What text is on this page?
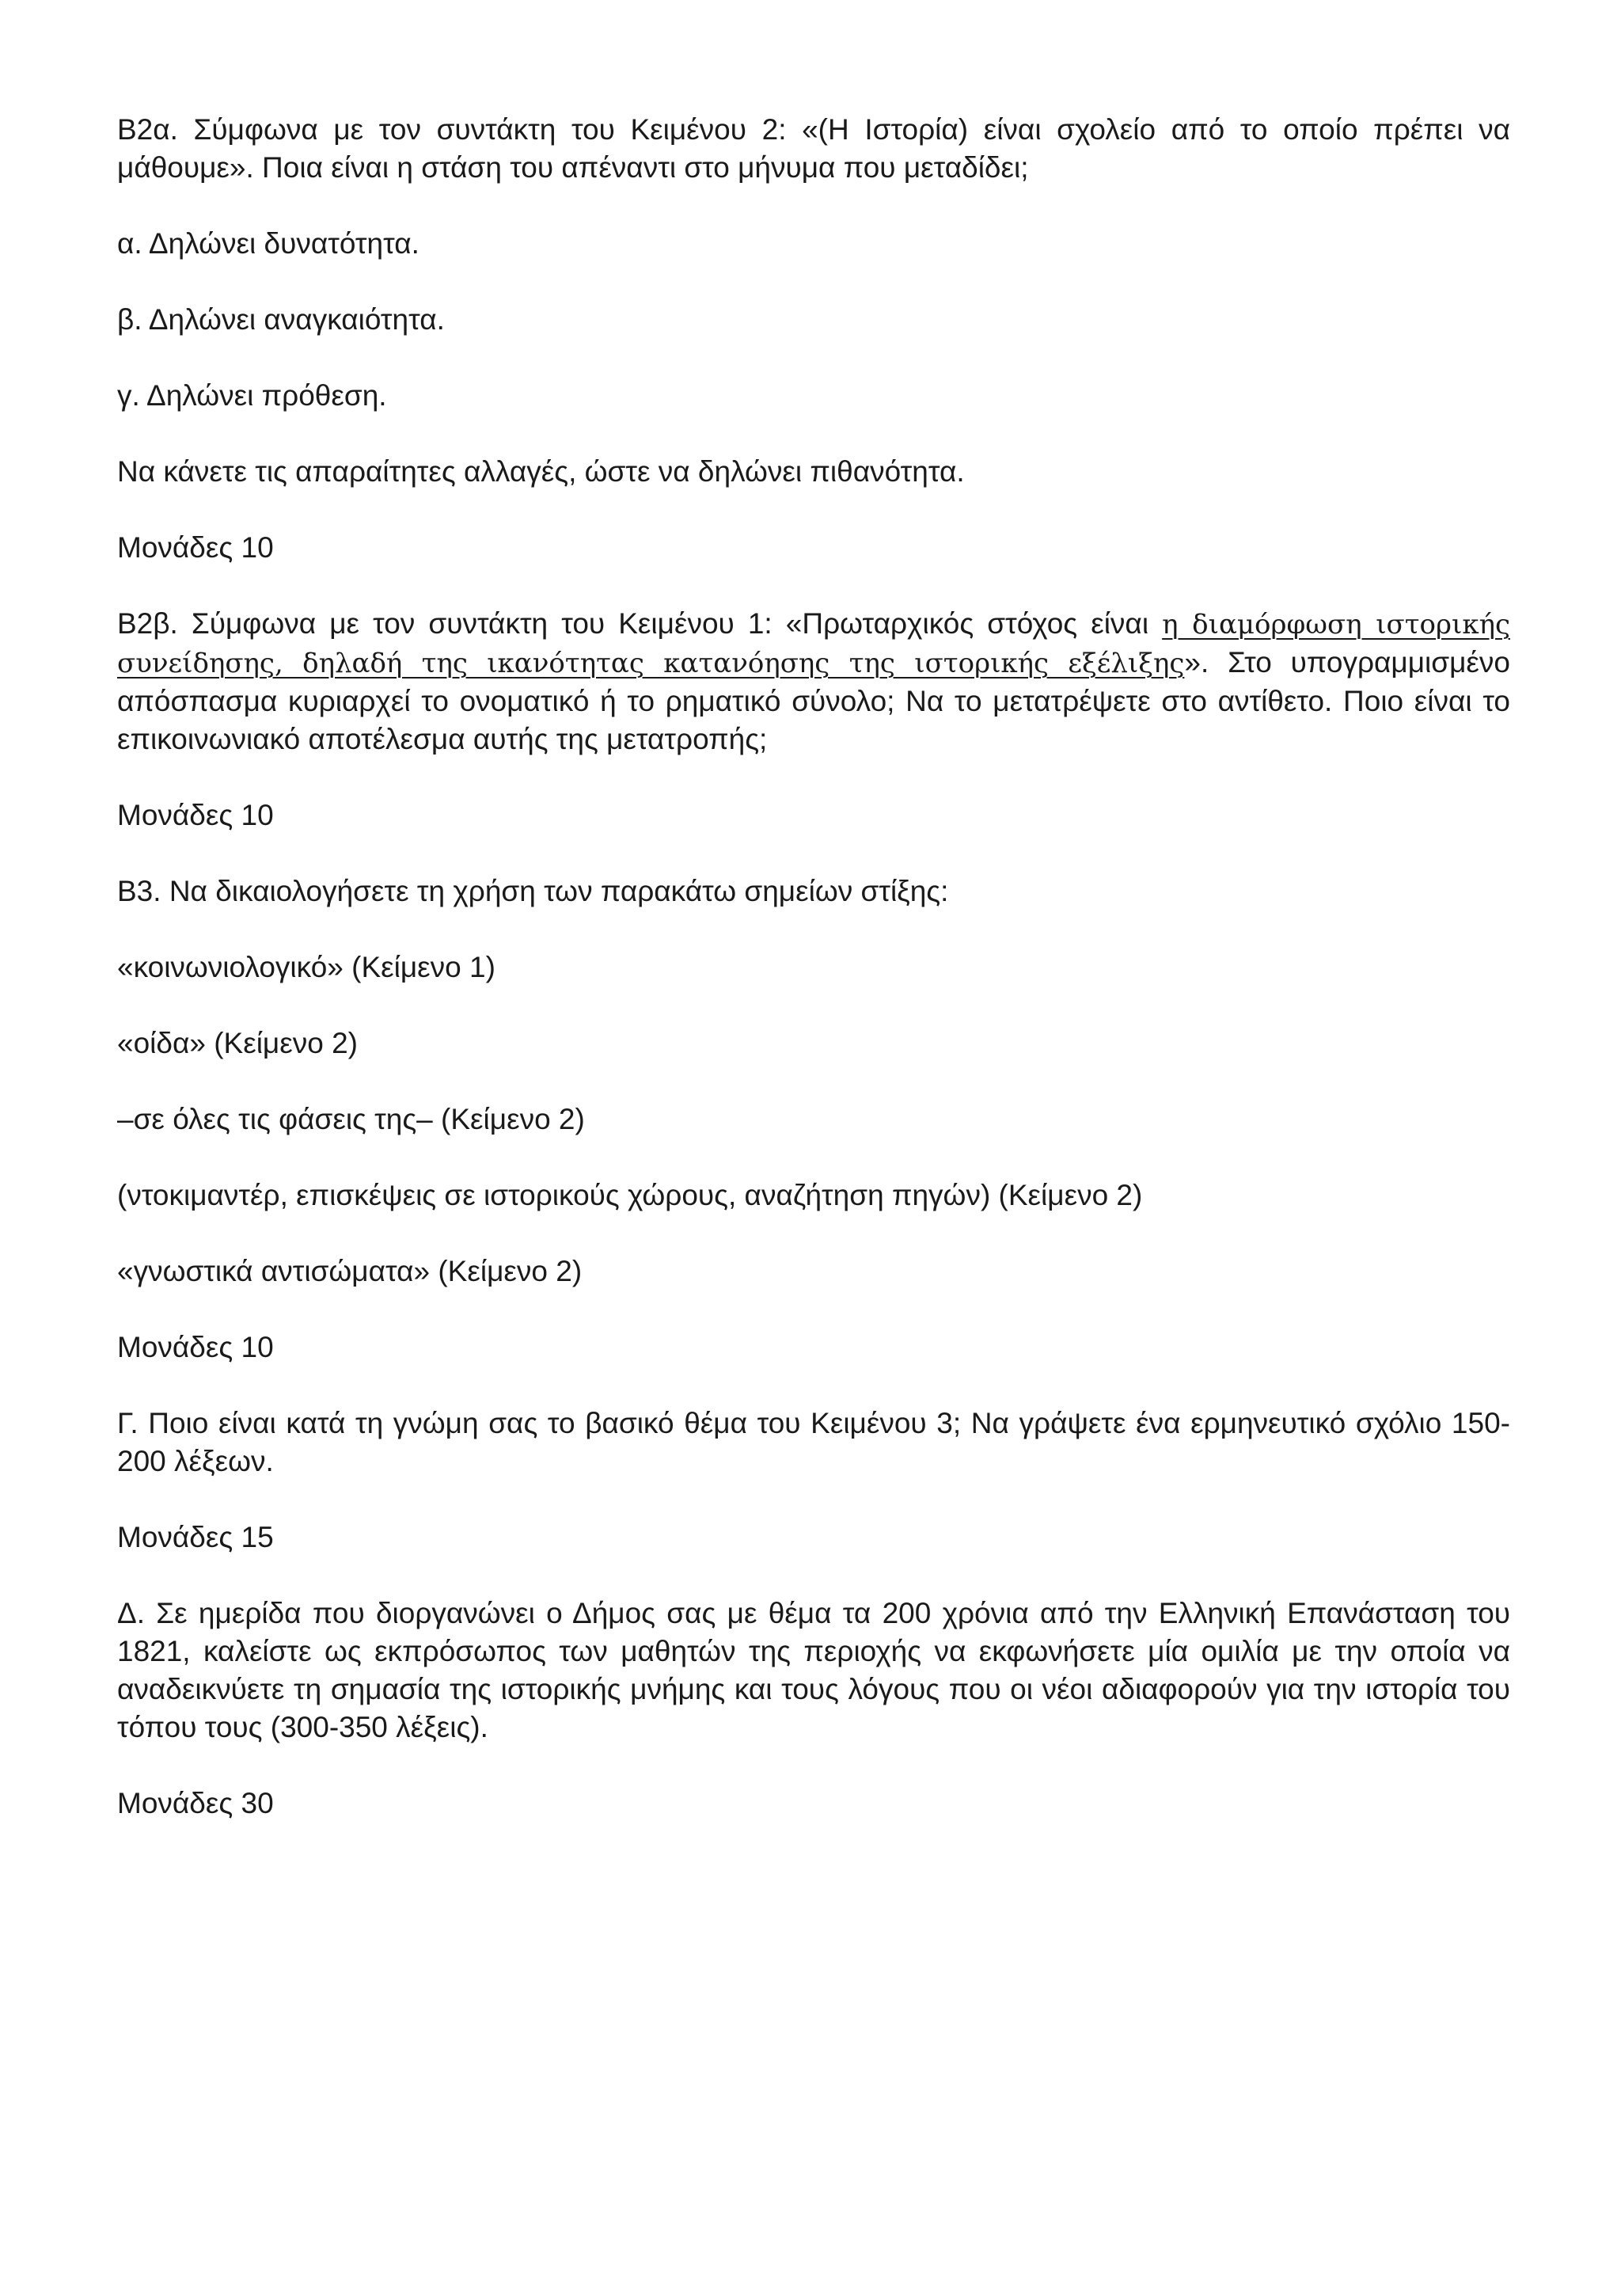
Β2α. Σύμφωνα με τον συντάκτη του Κειμένου 2: «(Η Ιστορία) είναι σχολείο από το οποίο πρέπει να μάθουμε». Ποια είναι η στάση του απέναντι στο μήνυμα που μεταδίδει;

α. Δηλώνει δυνατότητα.

β. Δηλώνει αναγκαιότητα.

γ. Δηλώνει πρόθεση.

Να κάνετε τις απαραίτητες αλλαγές, ώστε να δηλώνει πιθανότητα.

Μονάδες 10

Β2β. Σύμφωνα με τον συντάκτη του Κειμένου 1: «Πρωταρχικός στόχος είναι η διαμόρφωση ιστορικής συνείδησης, δηλαδή της ικανότητας κατανόησης της ιστορικής εξέλιξης». Στο υπογραμμισμένο απόσπασμα κυριαρχεί το ονοματικό ή το ρηματικό σύνολο; Να το μετατρέψετε στο αντίθετο. Ποιο είναι το επικοινωνιακό αποτέλεσμα αυτής της μετατροπής;

Μονάδες 10

Β3. Να δικαιολογήσετε τη χρήση των παρακάτω σημείων στίξης:

«κοινωνιολογικό» (Κείμενο 1)

«οίδα» (Κείμενο 2)

–σε όλες τις φάσεις της– (Κείμενο 2)

(ντοκιμαντέρ, επισκέψεις σε ιστορικούς χώρους, αναζήτηση πηγών) (Κείμενο 2)

«γνωστικά αντισώματα» (Κείμενο 2)

Μονάδες 10

Γ. Ποιο είναι κατά τη γνώμη σας το βασικό θέμα του Κειμένου 3; Να γράψετε ένα ερμηνευτικό σχόλιο 150-200 λέξεων.

Μονάδες 15

Δ. Σε ημερίδα που διοργανώνει ο Δήμος σας με θέμα τα 200 χρόνια από την Ελληνική Επανάσταση του 1821, καλείστε ως εκπρόσωπος των μαθητών της περιοχής να εκφωνήσετε μία ομιλία με την οποία να αναδεικνύετε τη σημασία της ιστορικής μνήμης και τους λόγους που οι νέοι αδιαφορούν για την ιστορία του τόπου τους (300-350 λέξεις).

Μονάδες 30
